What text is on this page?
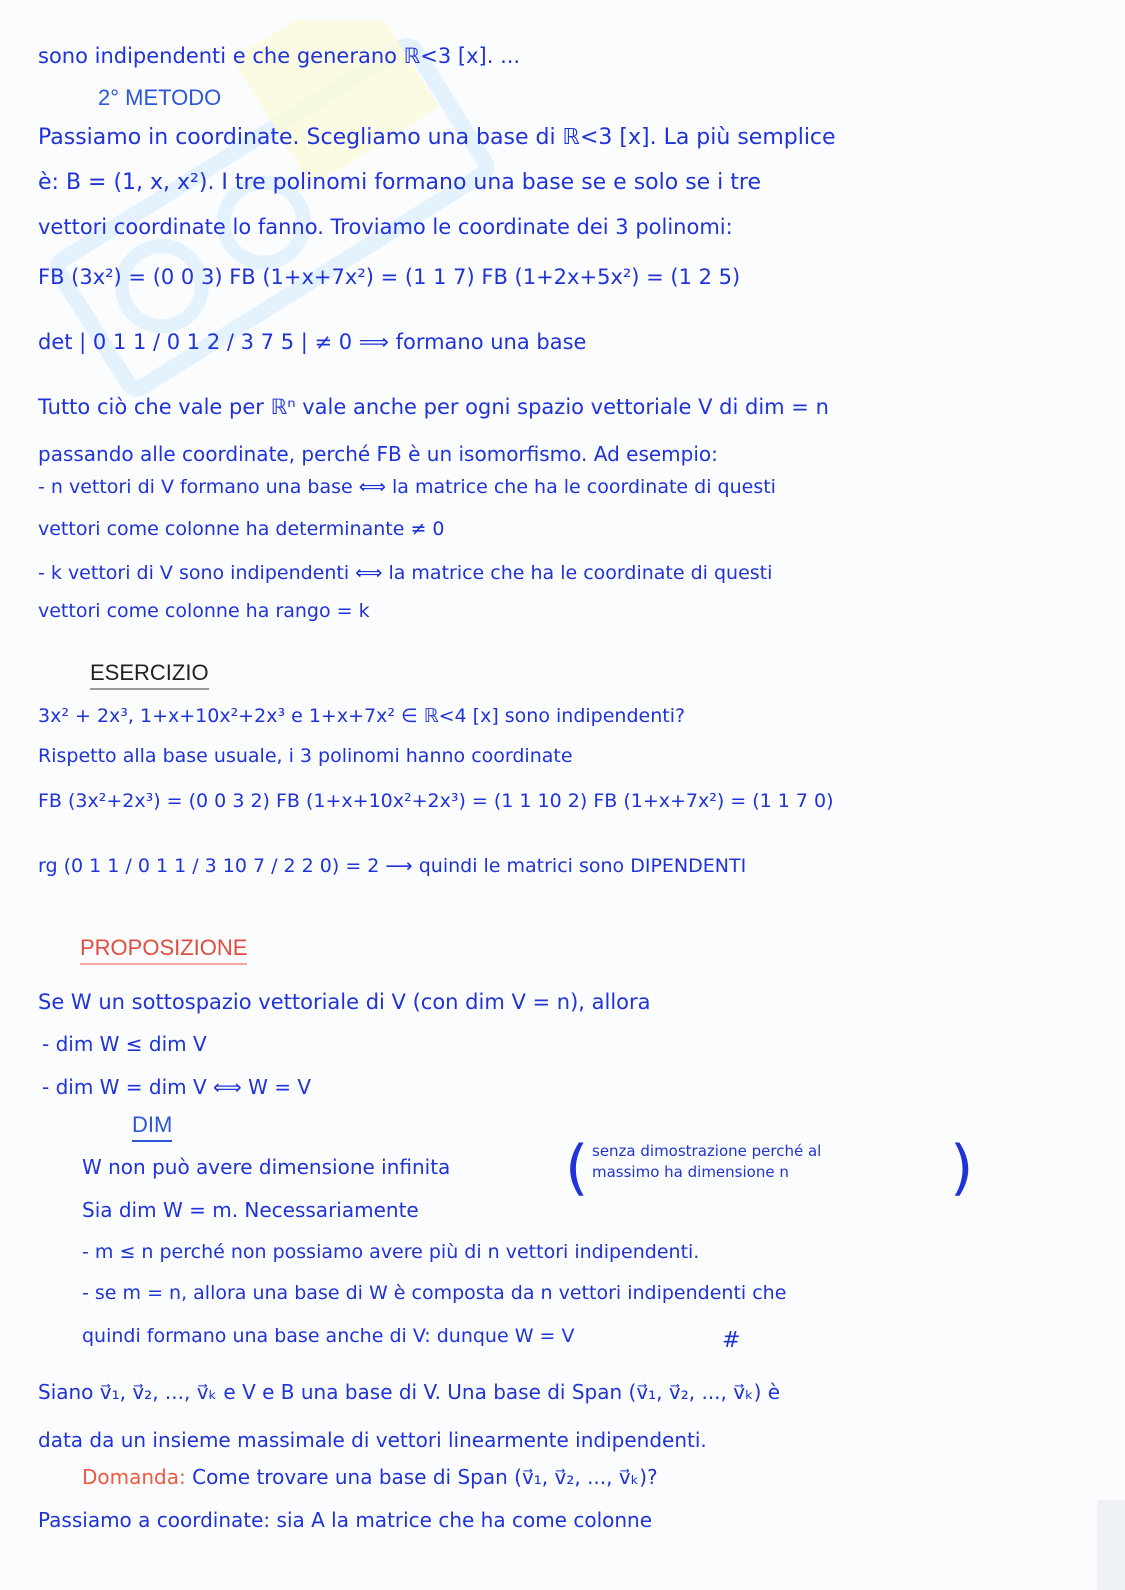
sono indipendenti e che generano ℝ<3 [x]. ...
2° METODO
Passiamo in coordinate. Scegliamo una base di ℝ<3 [x]. La più semplice
è: B = (1, x, x²). I tre polinomi formano una base se e solo se i tre
vettori coordinate lo fanno. Troviamo le coordinate dei 3 polinomi:
FB (3x²) = (0 0 3) FB (1+x+7x²) = (1 1 7) FB (1+2x+5x²) = (1 2 5)
det | 0 1 1 / 0 1 2 / 3 7 5 | ≠ 0 ⟹ formano una base
Tutto ciò che vale per ℝⁿ vale anche per ogni spazio vettoriale V di dim = n
passando alle coordinate, perché FB è un isomorfismo. Ad esempio:
- n vettori di V formano una base ⟺ la matrice che ha le coordinate di questi
vettori come colonne ha determinante ≠ 0
- k vettori di V sono indipendenti ⟺ la matrice che ha le coordinate di questi
vettori come colonne ha rango = k
ESERCIZIO
3x² + 2x³, 1+x+10x²+2x³ e 1+x+7x² ∈ ℝ<4 [x] sono indipendenti?
Rispetto alla base usuale, i 3 polinomi hanno coordinate
FB (3x²+2x³) = (0 0 3 2) FB (1+x+10x²+2x³) = (1 1 10 2) FB (1+x+7x²) = (1 1 7 0)
rg (0 1 1 / 0 1 1 / 3 10 7 / 2 2 0) = 2 ⟶ quindi le matrici sono DIPENDENTI
PROPOSIZIONE
Se W un sottospazio vettoriale di V (con dim V = n), allora
- dim W ≤ dim V
- dim W = dim V ⟺ W = V
DIM
W non può avere dimensione infinita ( senza dimostrazione perché al
massimo ha dimensione n	)
Sia dim W = m. Necessariamente
- m ≤ n perché non possiamo avere più di n vettori indipendenti.
- se m = n, allora una base di W è composta da n vettori indipendenti che
quindi formano una base anche di V: dunque W = V	#
Siano v⃗₁, v⃗₂, ..., v⃗ₖ e V e B una base di V. Una base di Span (v⃗₁, v⃗₂, ..., v⃗ₖ) è
data da un insieme massimale di vettori linearmente indipendenti.
Domanda: Come trovare una base di Span (v⃗₁, v⃗₂, ..., v⃗ₖ)?
Passiamo a coordinate: sia A la matrice che ha come colonne
